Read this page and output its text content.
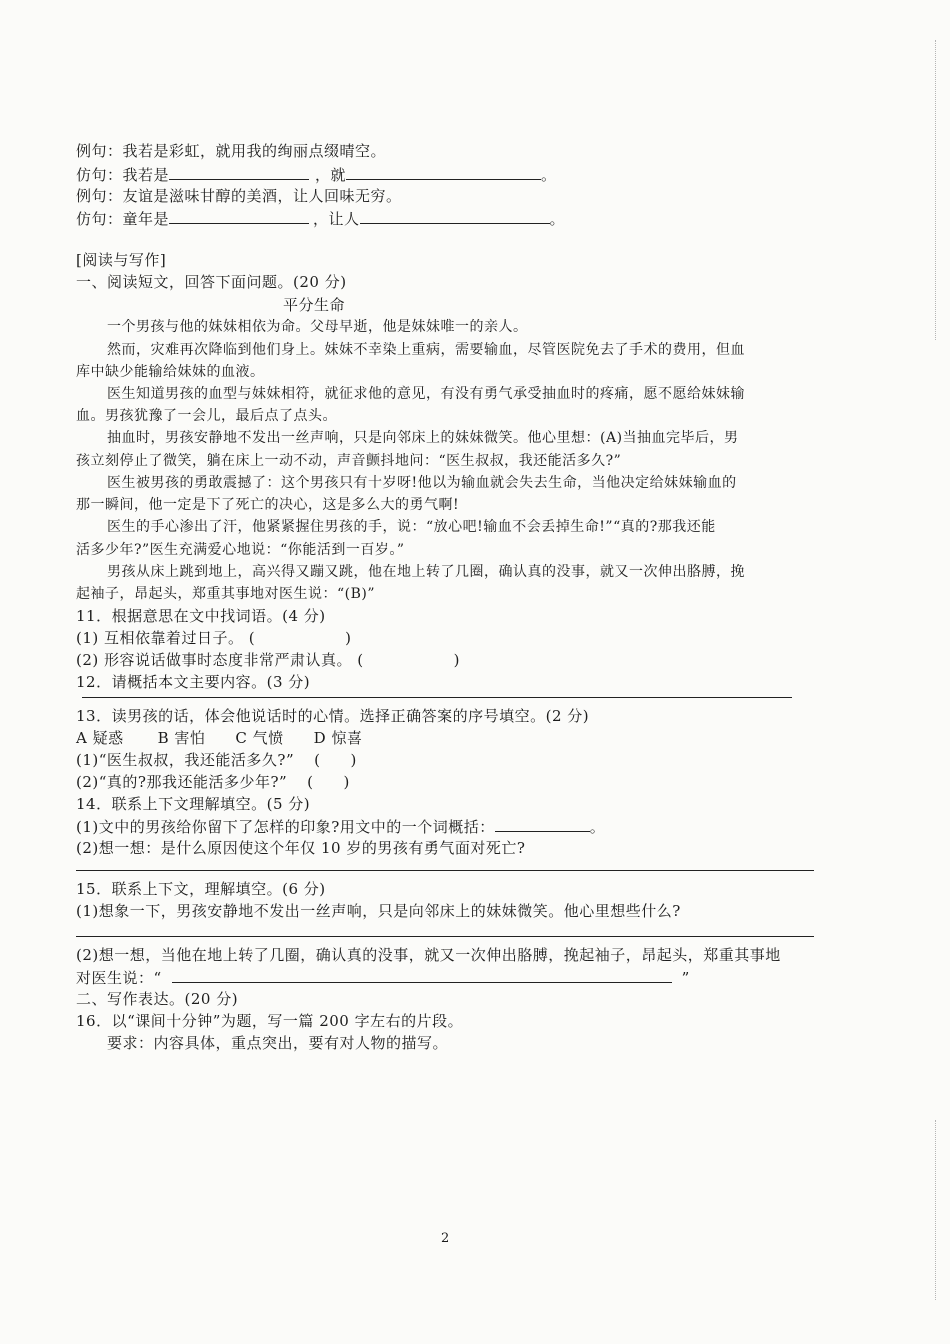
例句：我若是彩虹，就用我的绚丽点缀晴空。
仿句：我若是	，就	。
例句：友谊是滋味甘醇的美酒，让人回味无穷。
仿句：童年是	，让人	。
[阅读与写作]
一、阅读短文，回答下面问题。(20 分)
平分生命
一个男孩与他的妹妹相依为命。父母早逝，他是妹妹唯一的亲人。
然而，灾难再次降临到他们身上。妹妹不幸染上重病，需要输血，尽管医院免去了手术的费用，但血
库中缺少能输给妹妹的血液。
医生知道男孩的血型与妹妹相符，就征求他的意见，有没有勇气承受抽血时的疼痛，愿不愿给妹妹输
血。男孩犹豫了一会儿，最后点了点头。
抽血时，男孩安静地不发出一丝声响，只是向邻床上的妹妹微笑。他心里想：(A)当抽血完毕后，男
孩立刻停止了微笑，躺在床上一动不动，声音颤抖地问：“医生叔叔，我还能活多久?”
医生被男孩的勇敢震撼了：这个男孩只有十岁呀!他以为输血就会失去生命，当他决定给妹妹输血的
那一瞬间，他一定是下了死亡的决心，这是多么大的勇气啊!
医生的手心渗出了汗，他紧紧握住男孩的手，说：“放心吧!输血不会丢掉生命!”“真的?那我还能
活多少年?”医生充满爱心地说：“你能活到一百岁。”
男孩从床上跳到地上，高兴得又蹦又跳，他在地上转了几圈，确认真的没事，就又一次伸出胳膊，挽
起袖子，昂起头，郑重其事地对医生说：“(B)”
11．根据意思在文中找词语。(4 分)
(1) 互相依靠着过日子。 (	)
(2) 形容说话做事时态度非常严肃认真。 (	)
12．请概括本文主要内容。(3 分)
13．读男孩的话，体会他说话时的心情。选择正确答案的序号填空。(2 分)
A 疑惑 B 害怕 C 气愤 D 惊喜
(1)“医生叔叔，我还能活多久?” ( )
(2)“真的?那我还能活多少年?” ( )
14．联系上下文理解填空。(5 分)
(1)文中的男孩给你留下了怎样的印象?用文中的一个词概括：	。
(2)想一想：是什么原因使这个年仅 10 岁的男孩有勇气面对死亡?
15．联系上下文，理解填空。(6 分)
(1)想象一下，男孩安静地不发出一丝声响，只是向邻床上的妹妹微笑。他心里想些什么?
(2)想一想，当他在地上转了几圈，确认真的没事，就又一次伸出胳膊，挽起袖子，昂起头，郑重其事地
对医生说：“	”
二、写作表达。(20 分)
16．以“课间十分钟”为题，写一篇 200 字左右的片段。
要求：内容具体，重点突出，要有对人物的描写。
2
